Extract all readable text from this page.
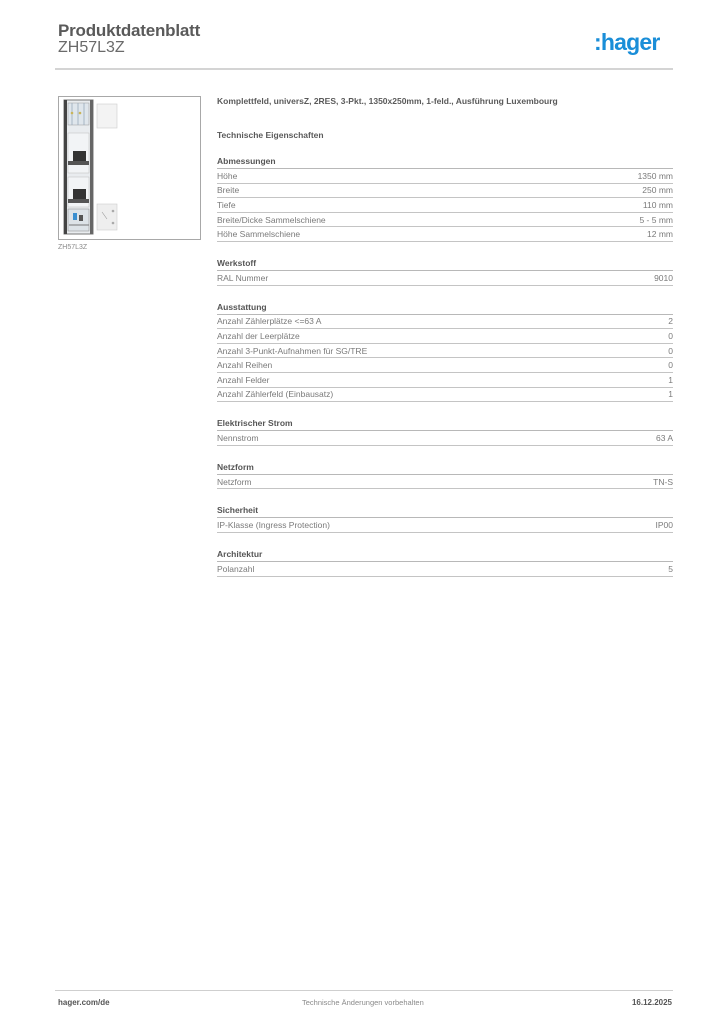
Produktdatenblatt
ZH57L3Z	:hager
ZH57L3Z
Komplettfeld, universZ, 2RES, 3-Pkt., 1350x250mm, 1-feld., Ausführung Luxembourg
Technische Eigenschaften
Abmessungen
Höhe	1350 mm
Breite	250 mm
Tiefe	110 mm
Breite/Dicke Sammelschiene	5 - 5 mm
Höhe Sammelschiene	12 mm
Werkstoff
RAL Nummer	9010
Ausstattung
Anzahl Zählerplätze <=63 A	2
Anzahl der Leerplätze	0
Anzahl 3-Punkt-Aufnahmen für SG/TRE	0
Anzahl Reihen	0
Anzahl Felder	1
Anzahl Zählerfeld (Einbausatz)	1
Elektrischer Strom
Nennstrom	63 A
Netzform
Netzform	TN-S
Sicherheit
IP-Klasse (Ingress Protection)	IP00
Architektur
Polanzahl	5
hager.com/de	Technische Änderungen vorbehalten	16.12.2025
